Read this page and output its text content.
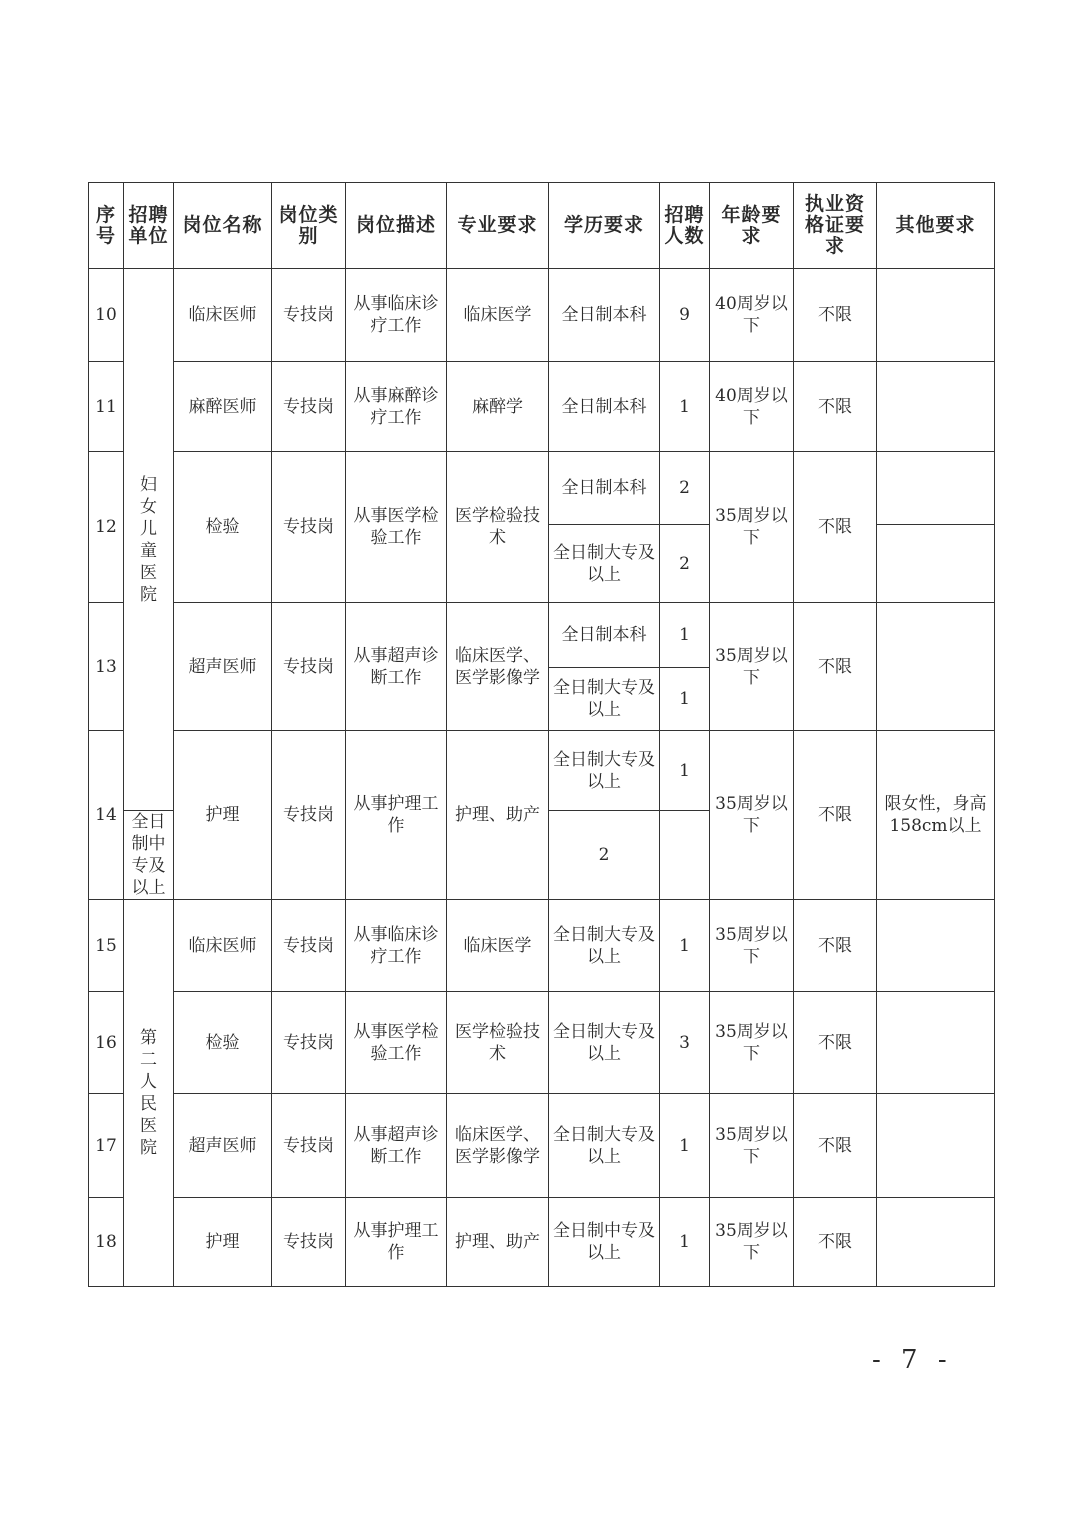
序号	招聘单位	岗位名称	岗位类别	岗位描述	专业要求	学历要求	招聘人数	年龄要求	执业资格证要求	其他要求
10	妇女儿童医院	临床医师	专技岗	从事临床诊疗工作	临床医学	全日制本科	9	40周岁以下	不限	
11		麻醉医师	专技岗	从事麻醉诊疗工作	麻醉学	全日制本科	1	40周岁以下	不限	
12		检验	专技岗	从事医学检验工作	医学检验技术	全日制本科	2	35周岁以下	不限	
						全日制大专及以上	2			
13		超声医师	专技岗	从事超声诊断工作	临床医学、医学影像学	全日制本科	1	35周岁以下	不限	
						全日制大专及以上	1			
14		护理	专技岗	从事护理工作	护理、助产	全日制大专及以上	1	35周岁以下	不限	限女性，身高158cm以上
	全日制中专及以上					2				
15	第二人民医院	临床医师	专技岗	从事临床诊疗工作	临床医学	全日制大专及以上	1	35周岁以下	不限	
16		检验	专技岗	从事医学检验工作	医学检验技术	全日制大专及以上	3	35周岁以下	不限	
17		超声医师	专技岗	从事超声诊断工作	临床医学、医学影像学	全日制大专及以上	1	35周岁以下	不限	
18		护理	专技岗	从事护理工作	护理、助产	全日制中专及以上	1	35周岁以下	不限	
- 7 -
